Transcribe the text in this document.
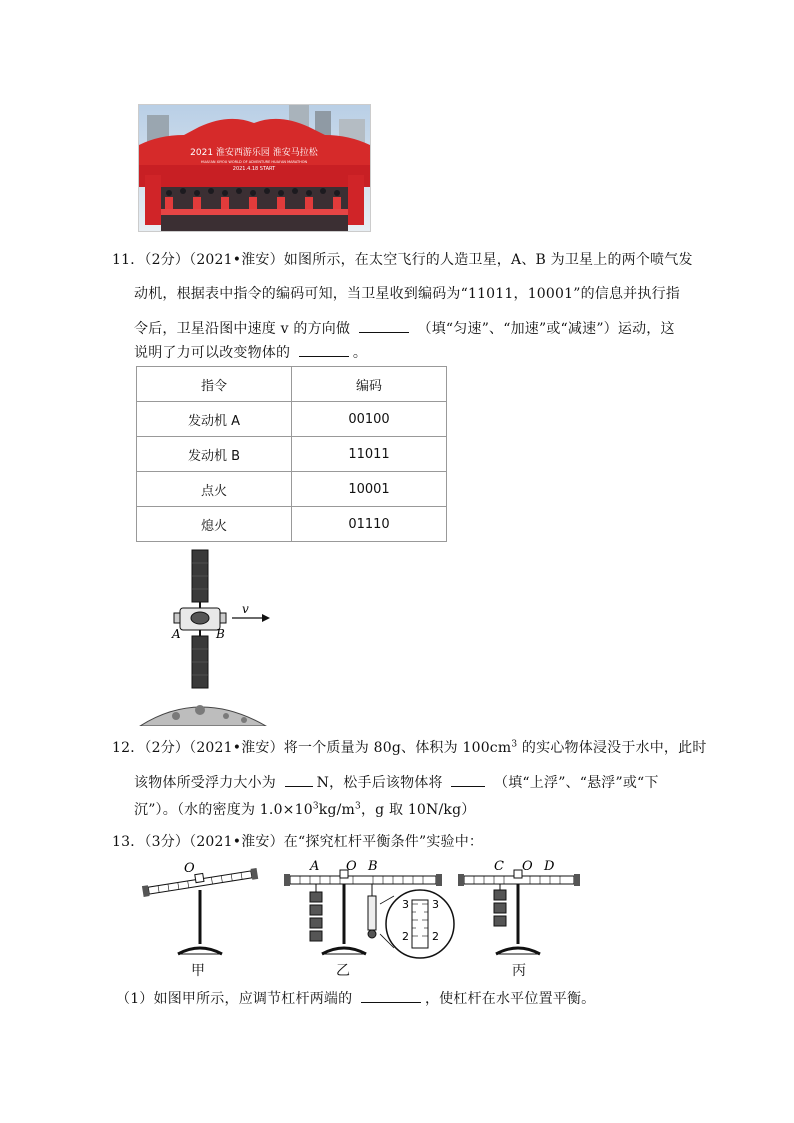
2021 淮安西游乐园 淮安马拉松
HUAI'AN XIYOU WORLD OF ADVENTURE HUAI'AN MARATHON
2021.4.18 START
11．（2分）（2021•淮安）如图所示，在太空飞行的人造卫星，A、B 为卫星上的两个喷气发
动机，根据表中指令的编码可知，当卫星收到编码为“11011，10001”的信息并执行指
令后，卫星沿图中速度 v 的方向做	（填“匀速”、“加速”或“减速”）运动，这
说明了力可以改变物体的	。
指令	编码
发动机 A	00100
发动机 B	11011
点火	10001
熄火	01110
v
A	B
12．（2分）（2021•淮安）将一个质量为 80g、体积为 $100cm^3$ 的实心物体浸没于水中，此时
该物体所受浮力大小为	N，松手后该物体将	（填“上浮”、“悬浮”或“下
沉”）。（水的密度为 $1.0\times 10^3kg/m^3$，g 取 10N/kg）
13．（3分）（2021•淮安）在“探究杠杆平衡条件”实验中：
O
3 3
2 2
A O B	C O D
甲	乙	丙
（1）如图甲所示，应调节杠杆两端的	，使杠杆在水平位置平衡。
